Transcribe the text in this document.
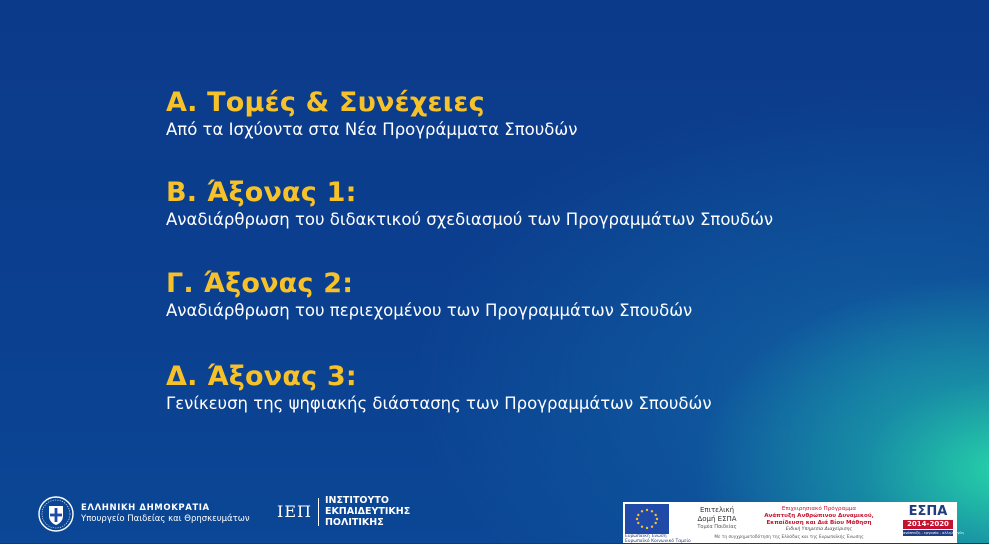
Α. Τομές & Συνέχειες
Από τα Ισχύοντα στα Νέα Προγράμματα Σπουδών
Β. Άξονας 1:
Αναδιάρθρωση του διδακτικού σχεδιασμού των Προγραμμάτων Σπουδών
Γ. Άξονας 2:
Αναδιάρθρωση του περιεχομένου των Προγραμμάτων Σπουδών
Δ. Άξονας 3:
Γενίκευση της ψηφιακής διάστασης των Προγραμμάτων Σπουδών
ΕΛΛΗΝΙΚΗ ΔΗΜΟΚΡΑΤΙΑ
Υπουργείο Παιδείας και Θρησκευμάτων ΙΕΠ
ΙΝΣΤΙΤΟΥΤΟ
ΕΚΠΑΙΔΕΥΤΙΚΗΣ
ΠΟΛΙΤΙΚΗΣ
Ευρωπαϊκή Ένωση
Ευρωπαϊκό Κοινωνικό Ταμείο
Επιτελική
Δομή ΕΣΠΑ
Τομέα Παιδείας
Επιχειρησιακό Πρόγραμμα
Ανάπτυξη Ανθρώπινου Δυναμικού,
Εκπαίδευση και Διά Βίου Μάθηση
Ειδική Υπηρεσία Διαχείρισης
Με τη συγχρηματοδότηση της Ελλάδας και της Ευρωπαϊκής Ένωσης
ΕΣΠΑ
2014-2020
ανάπτυξη - εργασία - αλληλεγγύη
